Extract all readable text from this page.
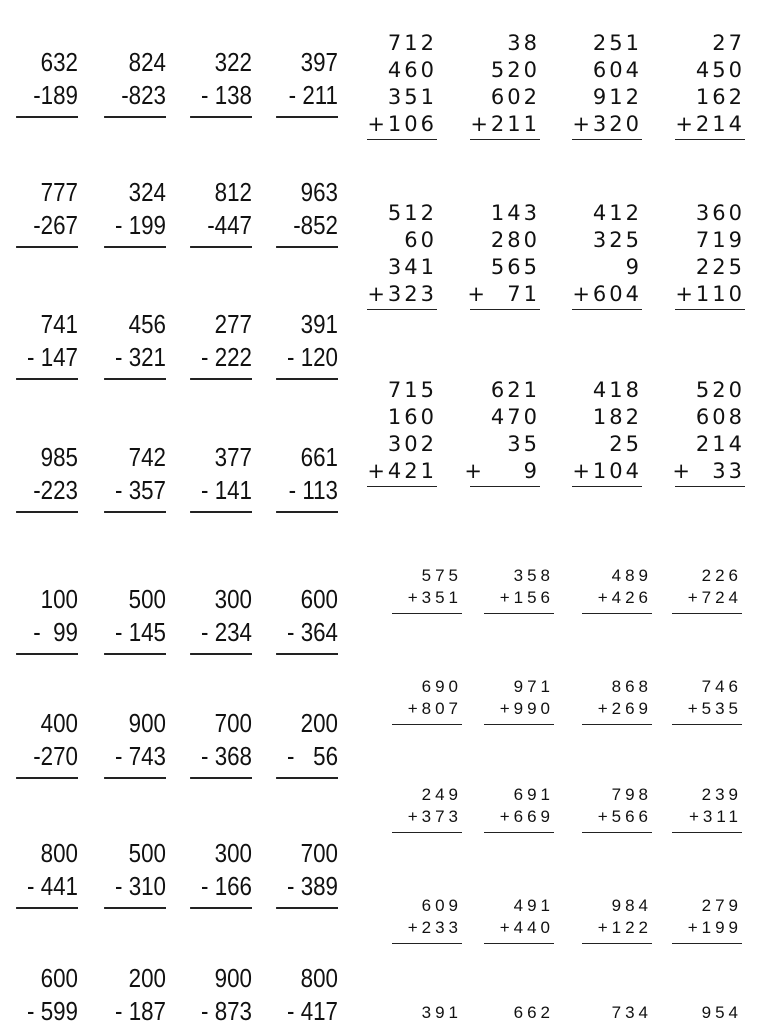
632
-189
824
-823
322
- 138
397
- 211
777
-267
324
- 199
812
-447
963
-852
741
- 147
456
- 321
277
- 222
391
- 120
985
-223
742
- 357
377
- 141
661
- 113
100
-  99
500
- 145
300
- 234
600
- 364
400
-270
900
- 743
700
- 368
200
-   56
800
- 441
500
- 310
300
- 166
700
- 389
600
- 599
200
- 187
900
- 873
800
- 417
712
460
351
+106
38
520
602
+211
251
604
912
+320
27
450
162
+214
512
60
341
+323
143
280
565
+  71
412
325
9
+604
360
719
225
+110
715
160
302
+421
621
470
35
+    9
418
182
25
+104
520
608
214
+  33
575
+351
358
+156
489
+426
226
+724
690
+807
971
+990
868
+269
746
+535
249
+373
691
+669
798
+566
239
+311
609
+233
491
+440
984
+122
279
+199
391	662	734	954
